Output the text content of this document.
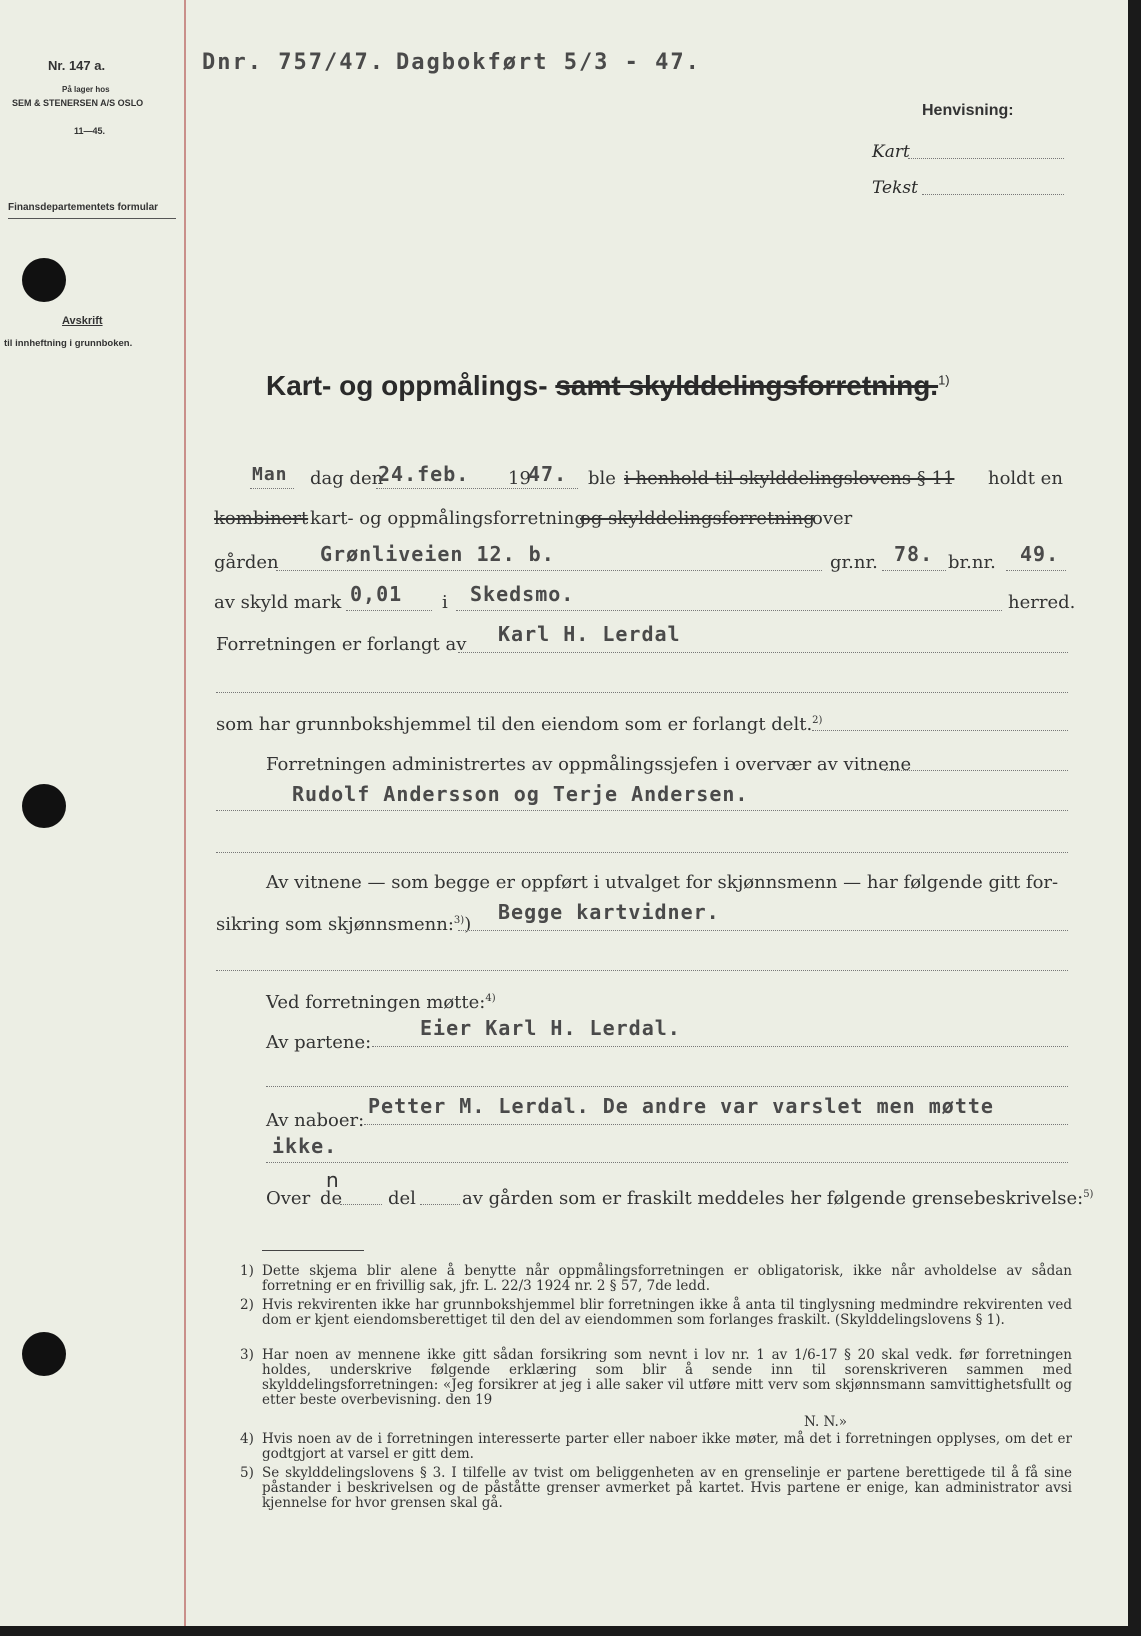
Nr. 147 a.
På lager hos
SEM & STENERSEN A/S OSLO
11—45.
Finansdepartementets formular
Avskrift
til innheftning i grunnboken.
Dnr. 757/47. Dagbokført 5/3 - 47.
Henvisning:
Kart
Tekst
Kart- og oppmålings- samt skylddelingsforretning.$^{1)}$
Man dag den
24.feb. 19
47. ble i henhold til skylddelingslovens § 11 holdt en
kombinert kart- og oppmålingsforretning
og skylddelingsforretning
over
gården Grønliveien 12. b.	gr.nr. 78. br.nr. 49.
av skyld mark 0,01 i Skedsmo.	herred.
Forretningen er forlangt av Karl H. Lerdal
som har grunnbokshjemmel til den eiendom som er forlangt delt.$^{2)}$
Forretningen administrertes av oppmålingssjefen i overvær av vitnene
Rudolf Andersson og Terje Andersen.
Av vitnene — som begge er oppført i utvalget for skjønnsmenn — har følgende gitt for-
sikring som skjønnsmenn:$^{3)}$)
Begge kartvidner.
Ved forretningen møtte:$^{4)}$
Av partene:
Eier Karl H. Lerdal.
Av naboer:
Petter M. Lerdal. De andre var varslet men møtte
ikke.
Over de
n
del	av gården som er fraskilt meddeles her følgende grensebeskrivelse:$^{5)}$
1) Dette skjema blir alene å benytte når oppmålingsforretningen er obligatorisk, ikke når avholdelse av sådan forretning er en frivillig sak, jfr. L. 22/3 1924 nr. 2 § 57, 7de ledd.

2) Hvis rekvirenten ikke har grunnbokshjemmel blir forretningen ikke å anta til tinglysning medmindre rekvirenten ved dom er kjent eiendomsberettiget til den del av eiendommen som forlanges fraskilt. (Skylddelingslovens § 1).

3) Har noen av mennene ikke gitt sådan forsikring som nevnt i lov nr. 1 av 1/6-17 § 20 skal vedk. før forretningen holdes, underskrive følgende erklæring som blir å sende inn til sorenskriveren sammen med skylddelingsforretningen: «Jeg forsikrer at jeg i alle saker vil utføre mitt verv som skjønnsmann samvittighetsfullt og etter beste overbevisning. den 19

N. N.»
4) Hvis noen av de i forretningen interesserte parter eller naboer ikke møter, må det i forretningen opplyses, om det er godtgjort at varsel er gitt dem.

5) Se skylddelingslovens § 3. I tilfelle av tvist om beliggenheten av en grenselinje er partene berettigede til å få sine påstander i beskrivelsen og de påståtte grenser avmerket på kartet. Hvis partene er enige, kan administrator avsi kjennelse for hvor grensen skal gå.
